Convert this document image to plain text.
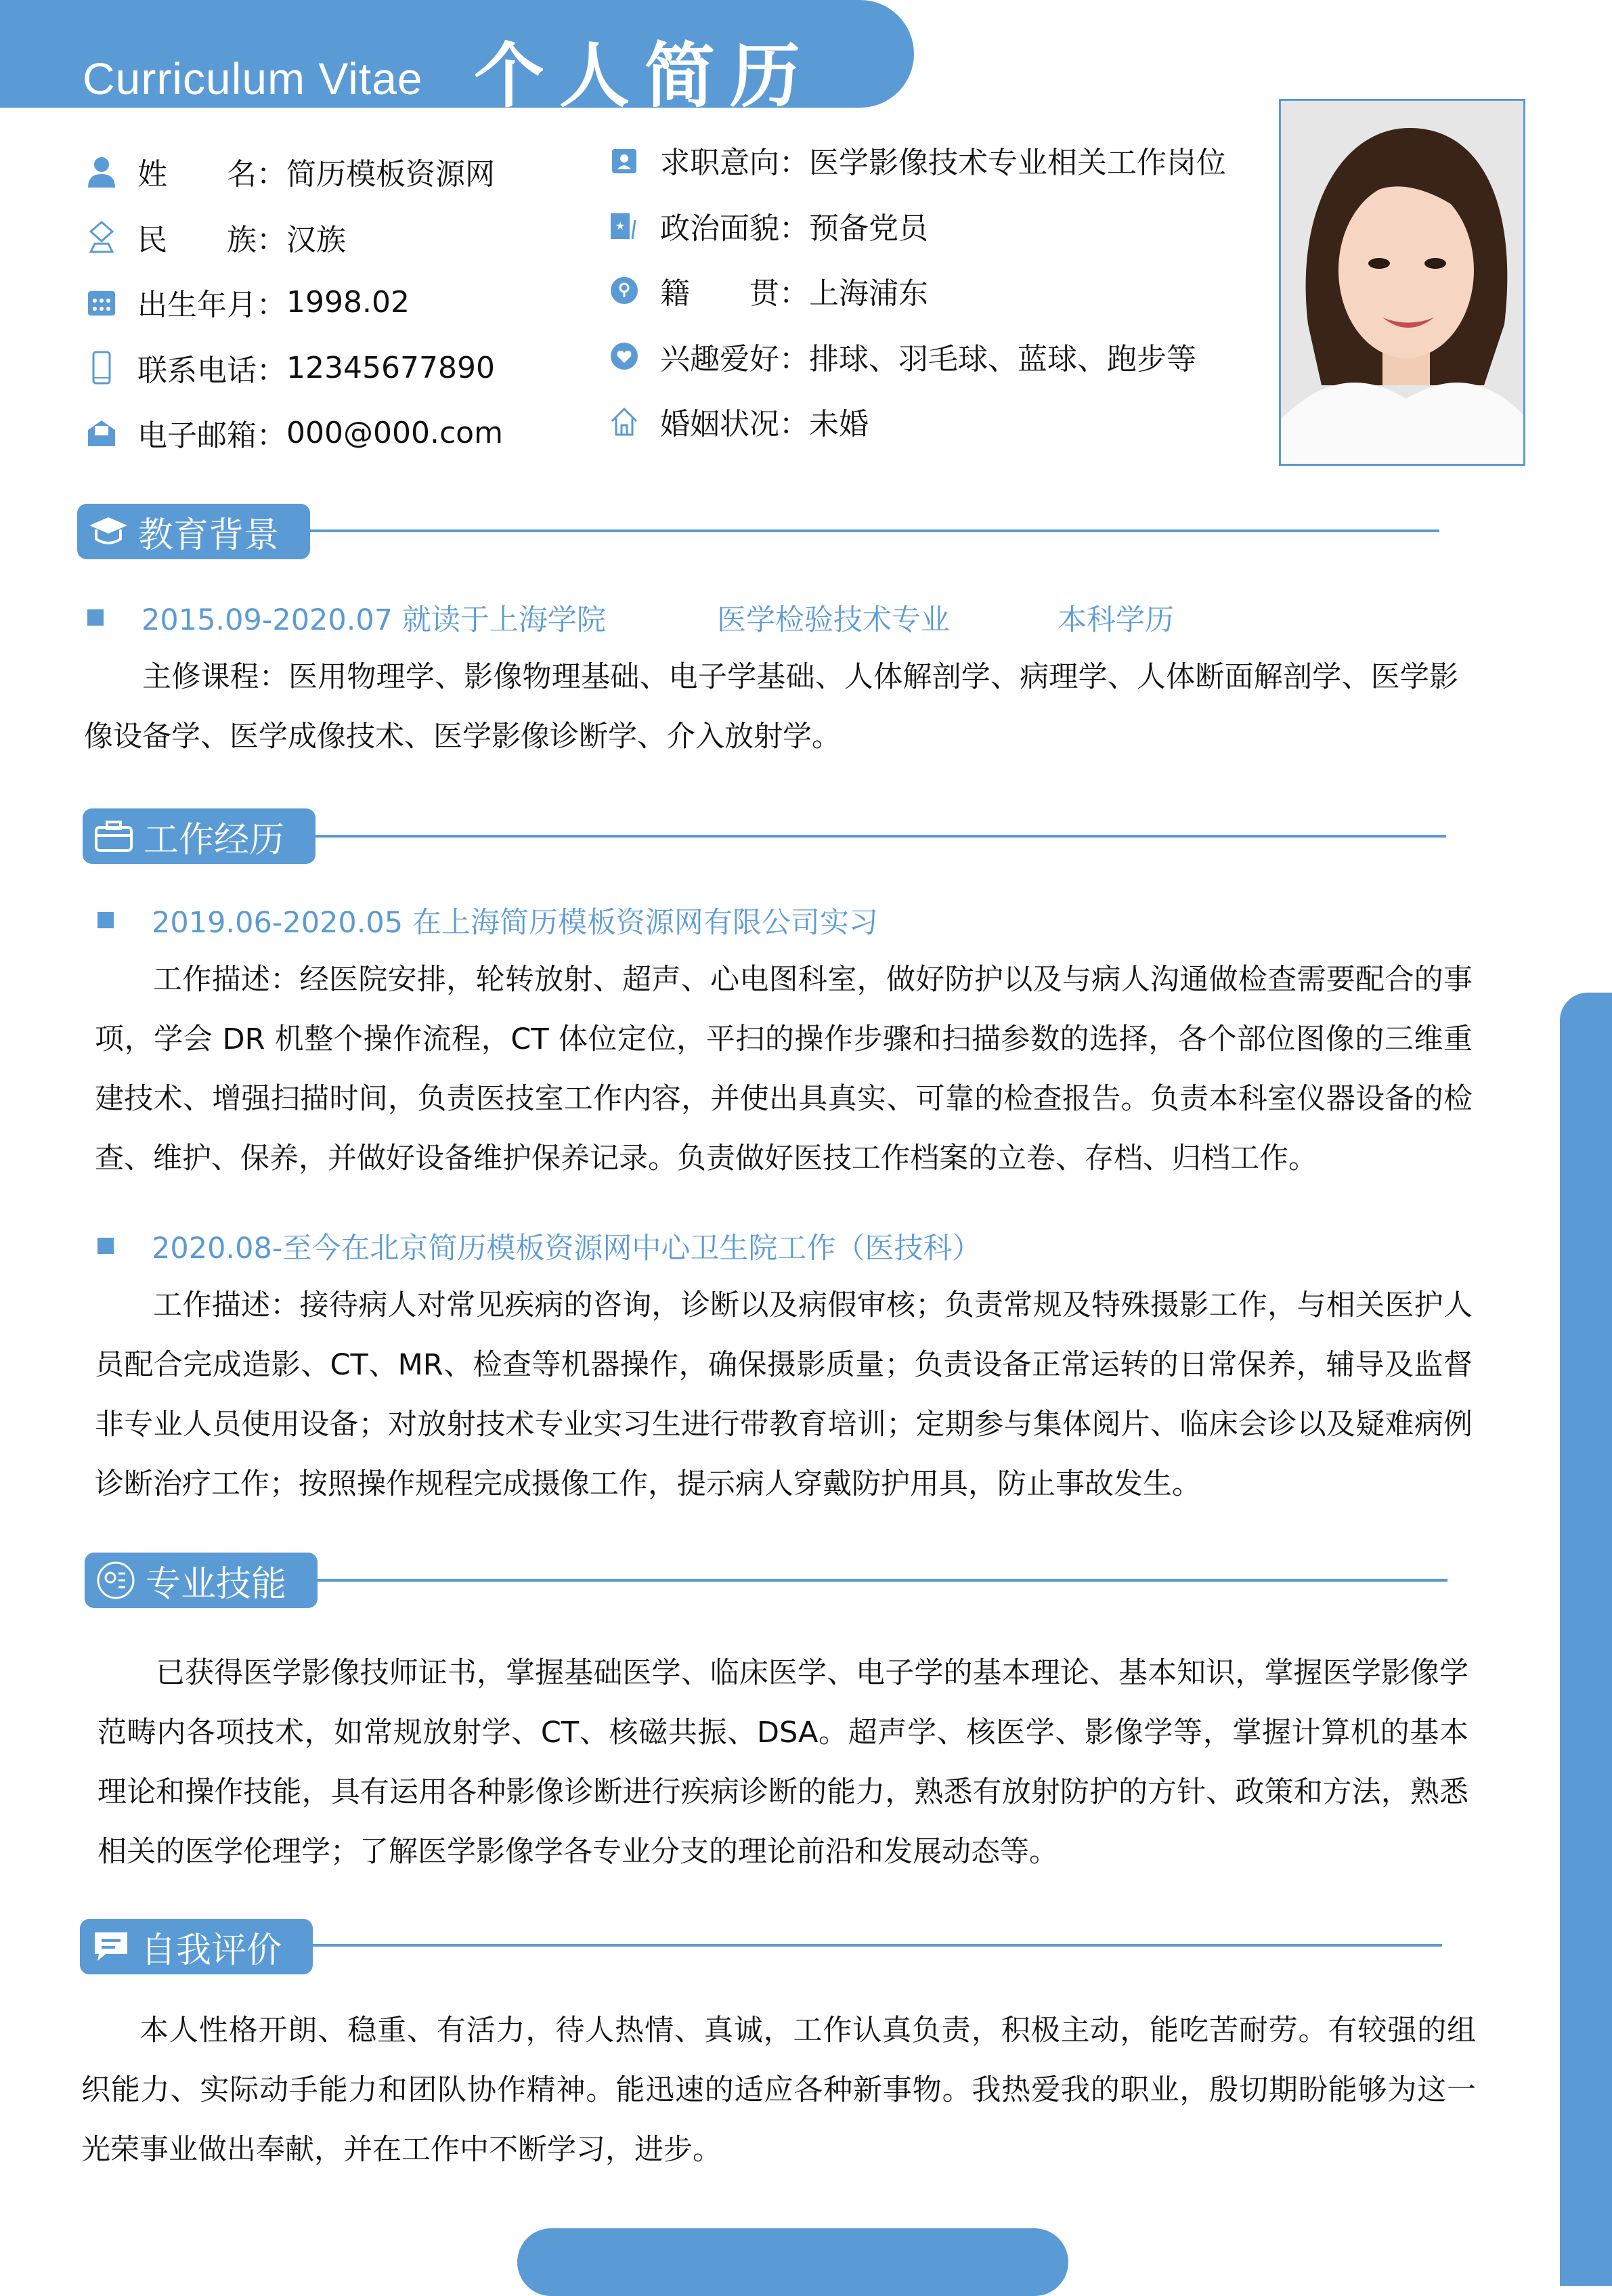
Curriculum Vitae 个人简历
姓　　名： 简历模板资源网
民　　族： 汉族
出生年月： 1998.02
联系电话： 12345677890
电子邮箱： 000@000.com
求职意向： 医学影像技术专业相关工作岗位
★ 政治面貌： 预备党员
籍　　贯： 上海浦东
兴趣爱好： 排球、羽毛球、蓝球、跑步等
婚姻状况： 未婚
教育背景
2015.09-2020.07 就读于上海学院	医学检验技术专业	本科学历
主修课程：医用物理学、影像物理基础、电子学基础、人体解剖学、病理学、人体断面解剖学、医学影像设备学、医学成像技术、医学影像诊断学、介入放射学。
工作经历
2019.06-2020.05 在上海简历模板资源网有限公司实习
工作描述：经医院安排，轮转放射、超声、心电图科室，做好防护以及与病人沟通做检查需要配合的事项，学会 DR 机整个操作流程，CT 体位定位，平扫的操作步骤和扫描参数的选择，各个部位图像的三维重建技术、增强扫描时间，负责医技室工作内容，并使出具真实、可靠的检查报告。负责本科室仪器设备的检查、维护、保养，并做好设备维护保养记录。负责做好医技工作档案的立卷、存档、归档工作。
2020.08-至今在北京简历模板资源网中心卫生院工作（医技科）
工作描述：接待病人对常见疾病的咨询，诊断以及病假审核；负责常规及特殊摄影工作，与相关医护人员配合完成造影、CT、MR、检查等机器操作，确保摄影质量；负责设备正常运转的日常保养，辅导及监督非专业人员使用设备；对放射技术专业实习生进行带教育培训；定期参与集体阅片、临床会诊以及疑难病例诊断治疗工作；按照操作规程完成摄像工作，提示病人穿戴防护用具，防止事故发生。
专业技能
已获得医学影像技师证书，掌握基础医学、临床医学、电子学的基本理论、基本知识，掌握医学影像学范畴内各项技术，如常规放射学、CT、核磁共振、DSA。超声学、核医学、影像学等，掌握计算机的基本理论和操作技能，具有运用各种影像诊断进行疾病诊断的能力，熟悉有放射防护的方针、政策和方法，熟悉相关的医学伦理学；了解医学影像学各专业分支的理论前沿和发展动态等。
自我评价
本人性格开朗、稳重、有活力，待人热情、真诚，工作认真负责，积极主动，能吃苦耐劳。有较强的组织能力、实际动手能力和团队协作精神。能迅速的适应各种新事物。我热爱我的职业，殷切期盼能够为这一光荣事业做出奉献，并在工作中不断学习，进步。
